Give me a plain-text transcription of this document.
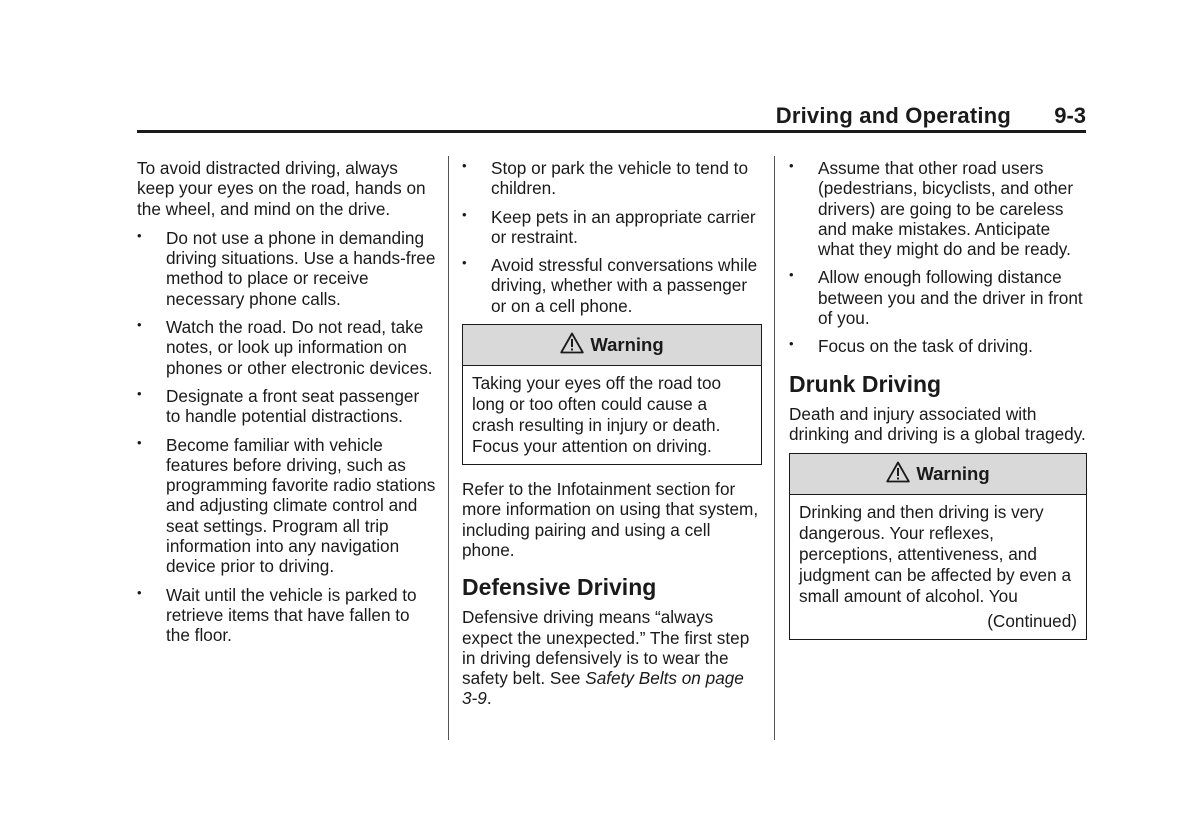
Driving and Operating 9-3

To avoid distracted driving, always keep your eyes on the road, hands on the wheel, and mind on the drive.

• Do not use a phone in demanding driving situations. Use a hands-free method to place or receive necessary phone calls.
• Watch the road. Do not read, take notes, or look up information on phones or other electronic devices.
• Designate a front seat passenger to handle potential distractions.
• Become familiar with vehicle features before driving, such as programming favorite radio stations and adjusting climate control and seat settings. Program all trip information into any navigation device prior to driving.
• Wait until the vehicle is parked to retrieve items that have fallen to the floor.
• Stop or park the vehicle to tend to children.
• Keep pets in an appropriate carrier or restraint.
• Avoid stressful conversations while driving, whether with a passenger or on a cell phone.
Warning
Taking your eyes off the road too long or too often could cause a crash resulting in injury or death. Focus your attention on driving.

Refer to the Infotainment section for more information on using that system, including pairing and using a cell phone.

Defensive Driving

Defensive driving means “always expect the unexpected.” The first step in driving defensively is to wear the safety belt. See Safety Belts on page 3-9.

• Assume that other road users (pedestrians, bicyclists, and other drivers) are going to be careless and make mistakes. Anticipate what they might do and be ready.
• Allow enough following distance between you and the driver in front of you.
• Focus on the task of driving.
Drunk Driving

Death and injury associated with drinking and driving is a global tragedy.

Warning
Drinking and then driving is very dangerous. Your reflexes, perceptions, attentiveness, and judgment can be affected by even a small amount of alcohol. You
(Continued)
